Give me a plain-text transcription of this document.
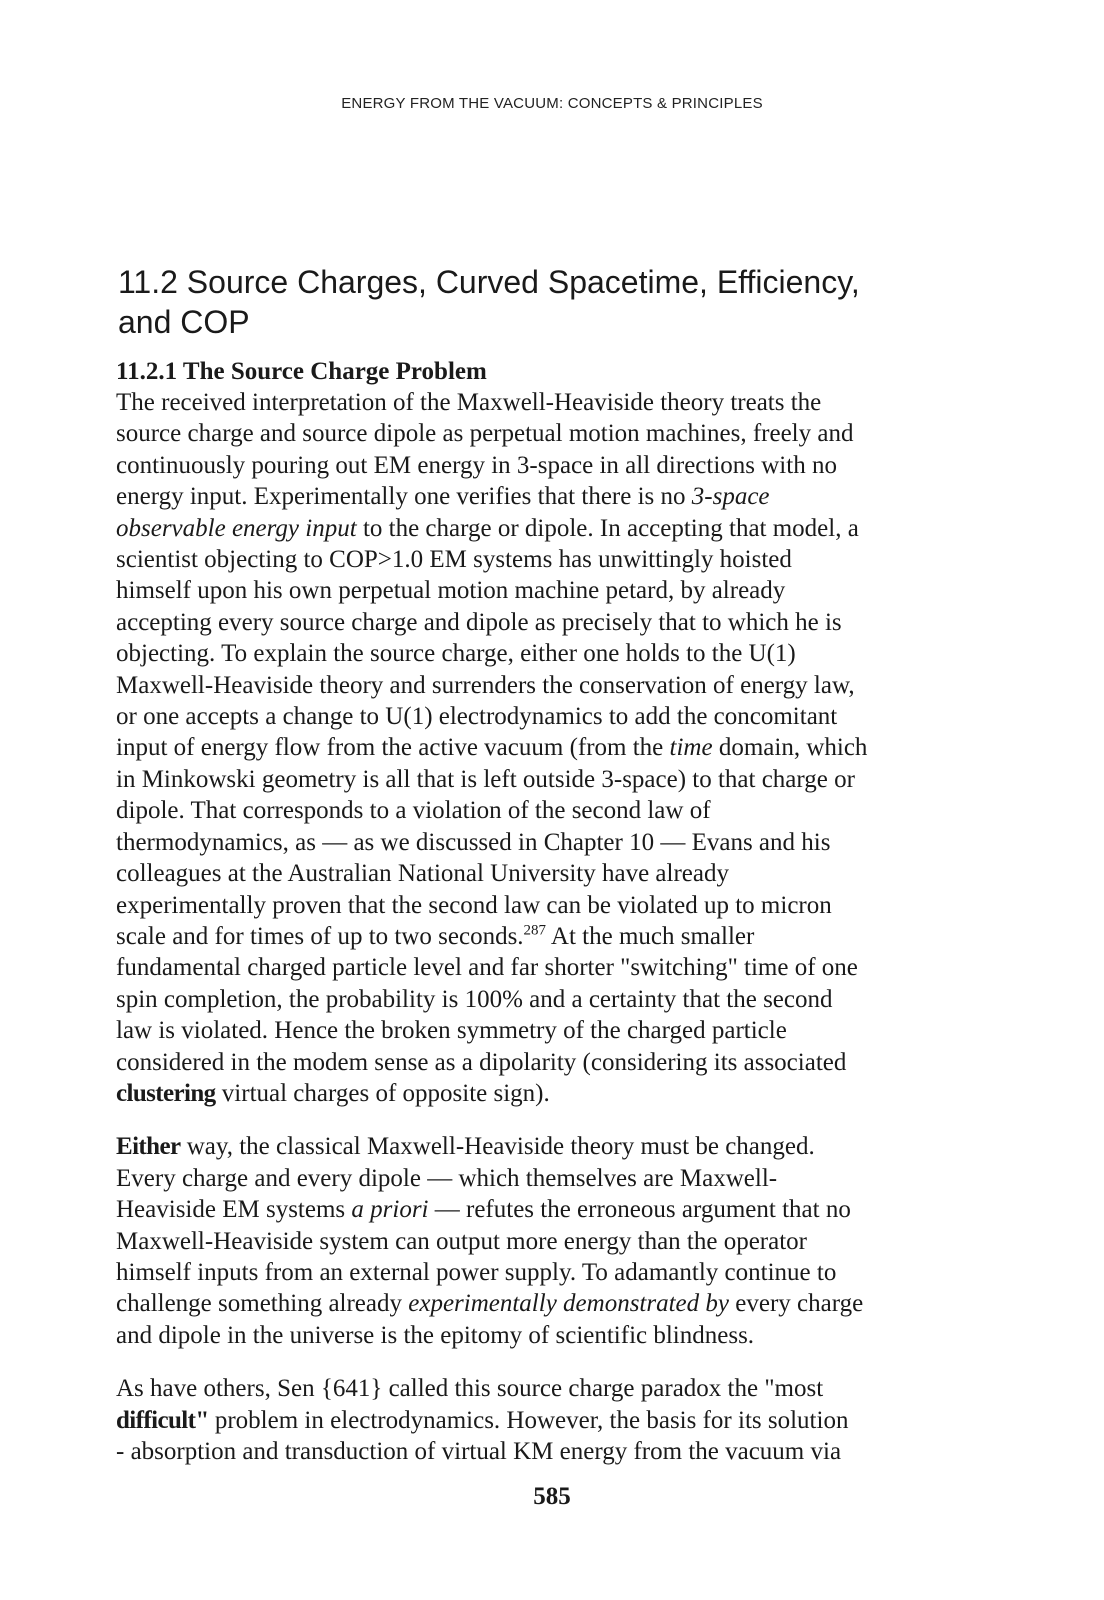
ENERGY FROM THE VACUUM: CONCEPTS & PRINCIPLES
11.2 Source Charges, Curved Spacetime, Efficiency,
and COP
11.2.1 The Source Charge Problem

The received interpretation of the Maxwell-Heaviside theory treats the
source charge and source dipole as perpetual motion machines, freely and
continuously pouring out EM energy in 3-space in all directions with no
energy input. Experimentally one verifies that there is no 3-space
observable energy input to the charge or dipole. In accepting that model, a
scientist objecting to COP>1.0 EM systems has unwittingly hoisted
himself upon his own perpetual motion machine petard, by already
accepting every source charge and dipole as precisely that to which he is
objecting. To explain the source charge, either one holds to the U(1)
Maxwell-Heaviside theory and surrenders the conservation of energy law,
or one accepts a change to U(1) electrodynamics to add the concomitant
input of energy flow from the active vacuum (from the time domain, which
in Minkowski geometry is all that is left outside 3-space) to that charge or
dipole. That corresponds to a violation of the second law of
thermodynamics, as — as we discussed in Chapter 10 — Evans and his
colleagues at the Australian National University have already
experimentally proven that the second law can be violated up to micron
scale and for times of up to two seconds.$^{287}$ At the much smaller
fundamental charged particle level and far shorter "switching" time of one
spin completion, the probability is 100% and a certainty that the second
law is violated. Hence the broken symmetry of the charged particle
considered in the modem sense as a dipolarity (considering its associated
clustering virtual charges of opposite sign).

Either way, the classical Maxwell-Heaviside theory must be changed.
Every charge and every dipole — which themselves are Maxwell-
Heaviside EM systems a priori — refutes the erroneous argument that no
Maxwell-Heaviside system can output more energy than the operator
himself inputs from an external power supply. To adamantly continue to
challenge something already experimentally demonstrated by every charge
and dipole in the universe is the epitomy of scientific blindness.

As have others, Sen {641} called this source charge paradox the "most
difficult" problem in electrodynamics. However, the basis for its solution
- absorption and transduction of virtual KM energy from the vacuum via

585
